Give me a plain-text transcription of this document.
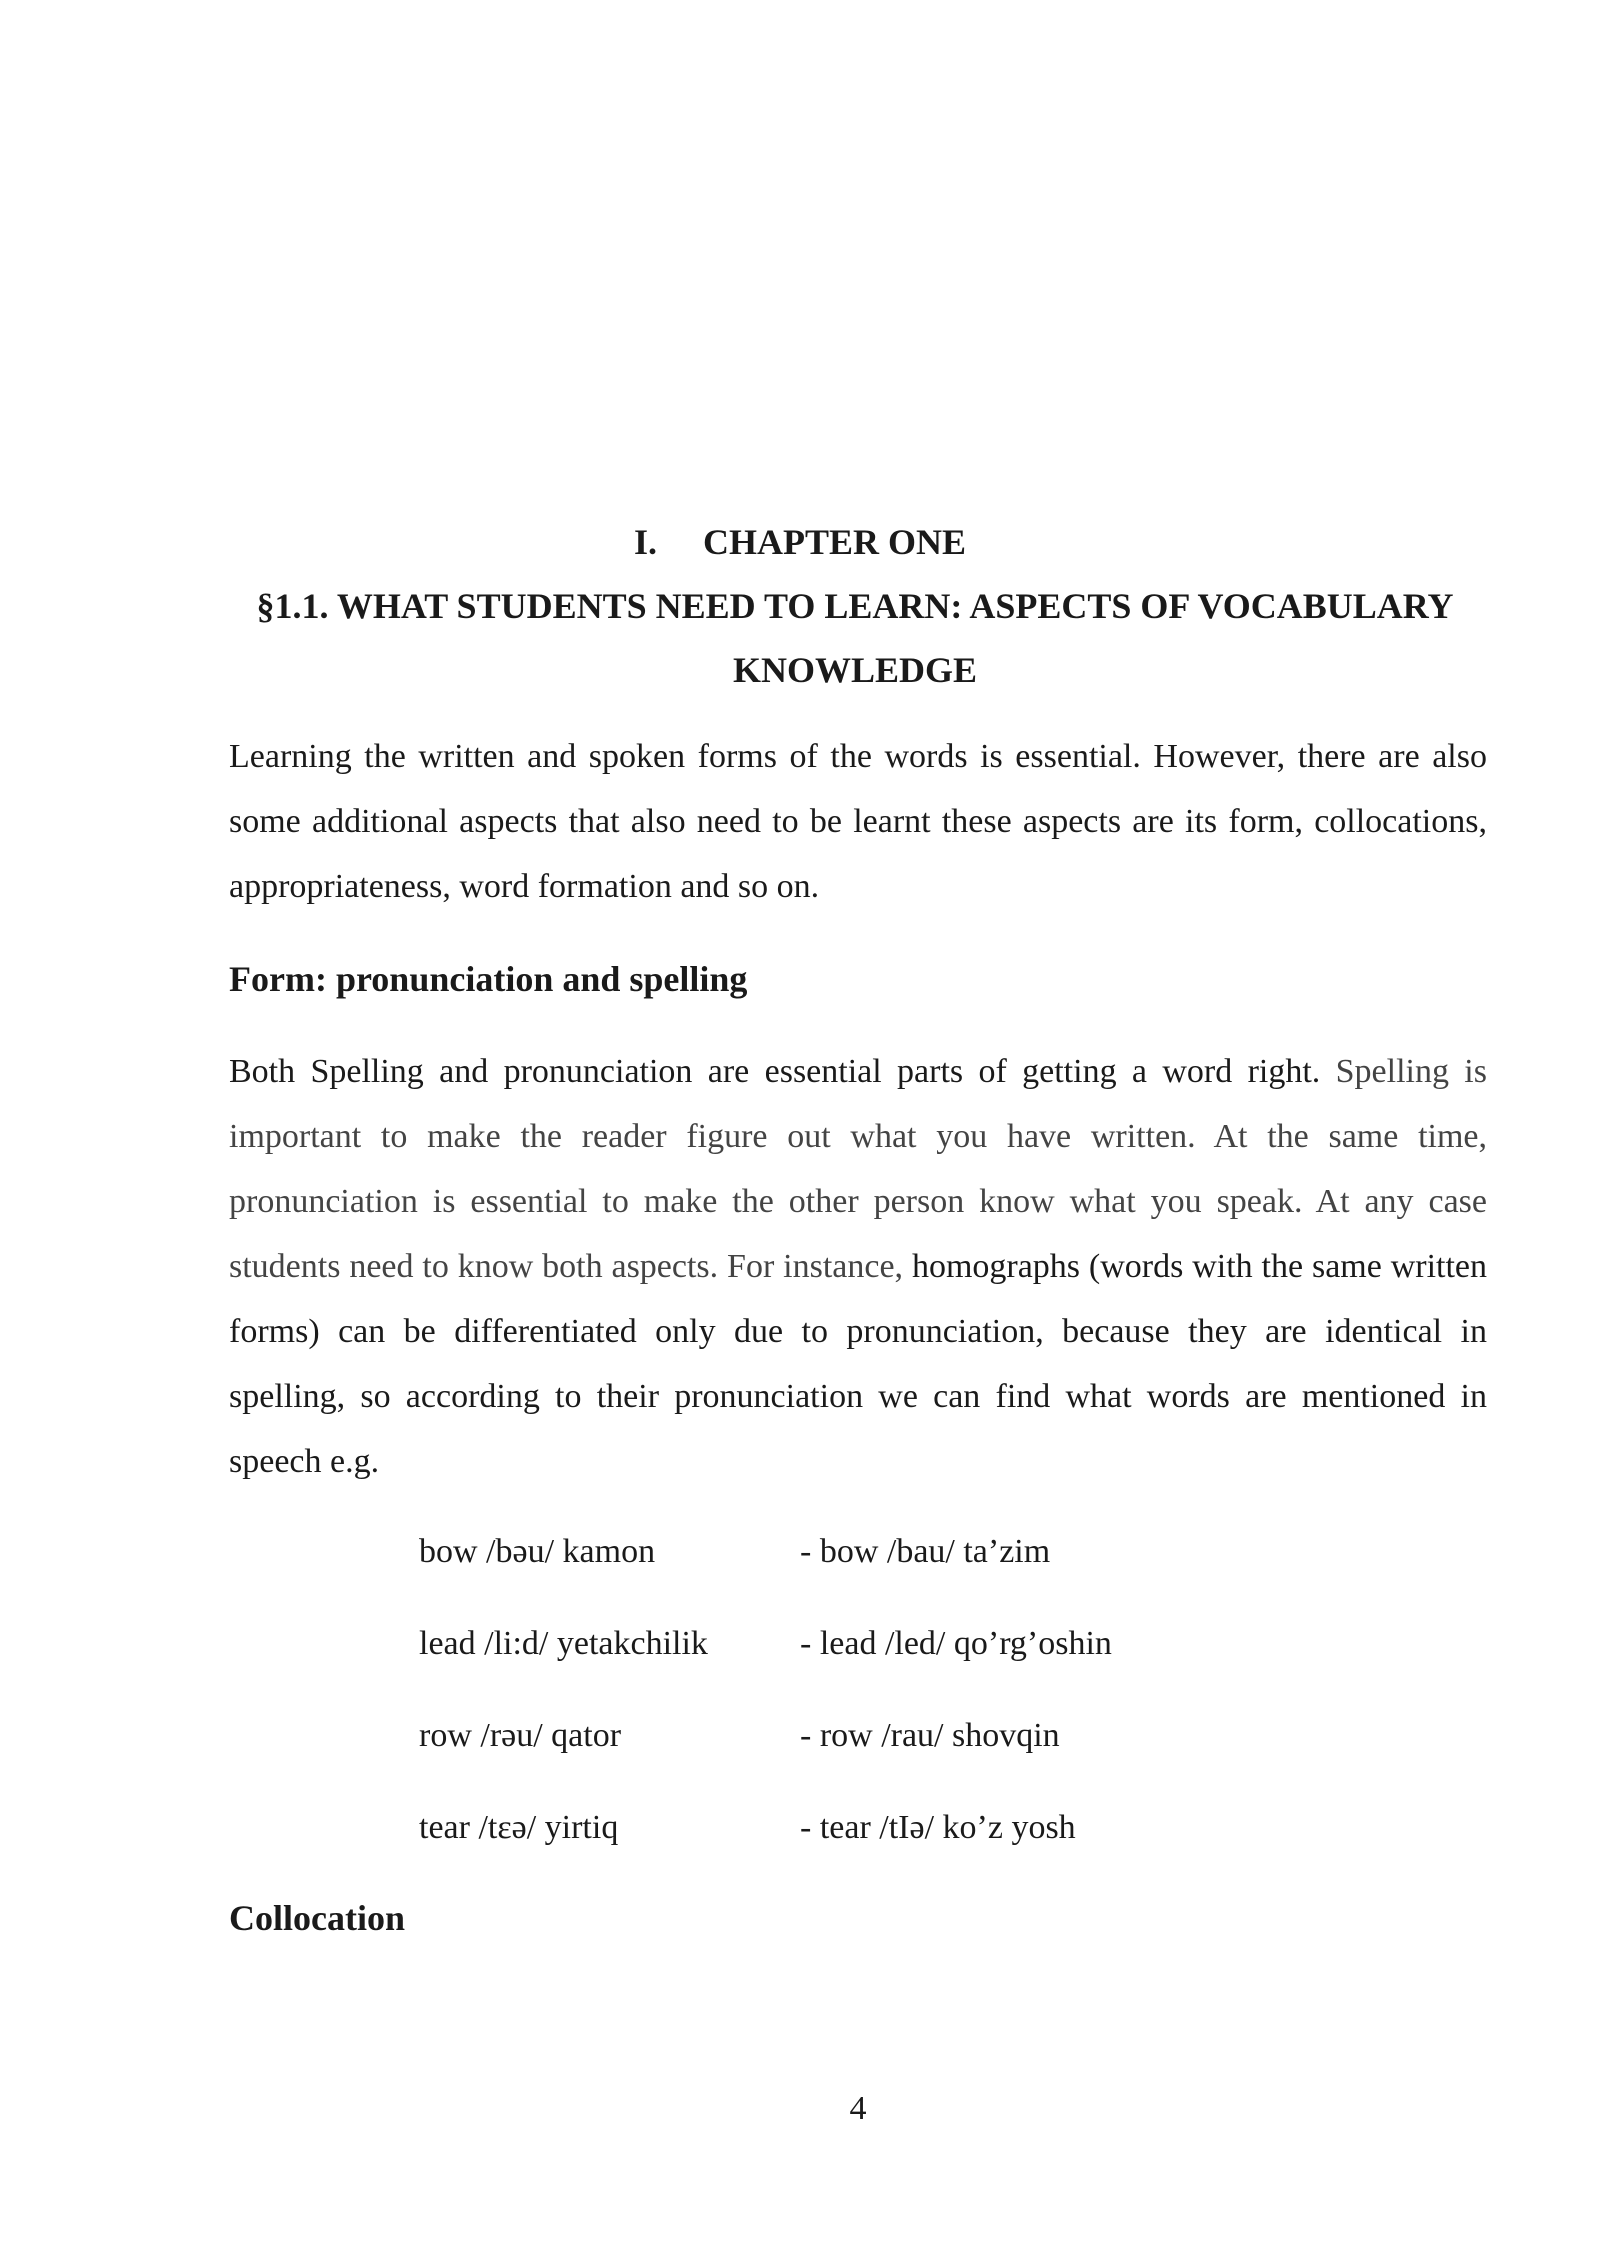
I. CHAPTER ONE
§1.1. WHAT STUDENTS NEED TO LEARN: ASPECTS OF VOCABULARY KNOWLEDGE

Learning the written and spoken forms of the words is essential. However, there are also some additional aspects that also need to be learnt these aspects are its form, collocations, appropriateness, word formation and so on.

Form: pronunciation and spelling

Both Spelling and pronunciation are essential parts of getting a word right. Spelling is important to make the reader figure out what you have written. At the same time, pronunciation is essential to make the other person know what you speak. At any case students need to know both aspects. For instance, homographs (words with the same written forms) can be differentiated only due to pronunciation, because they are identical in spelling, so according to their pronunciation we can find what words are mentioned in speech e.g.

bow /bəu/ kamon	- bow /bau/ ta’zim
lead /li:d/ yetakchilik	- lead /led/ qo’rg’oshin
row /rəu/ qator	- row /rau/ shovqin
tear /tεə/ yirtiq	- tear /tIə/ ko’z yosh

Collocation

4
